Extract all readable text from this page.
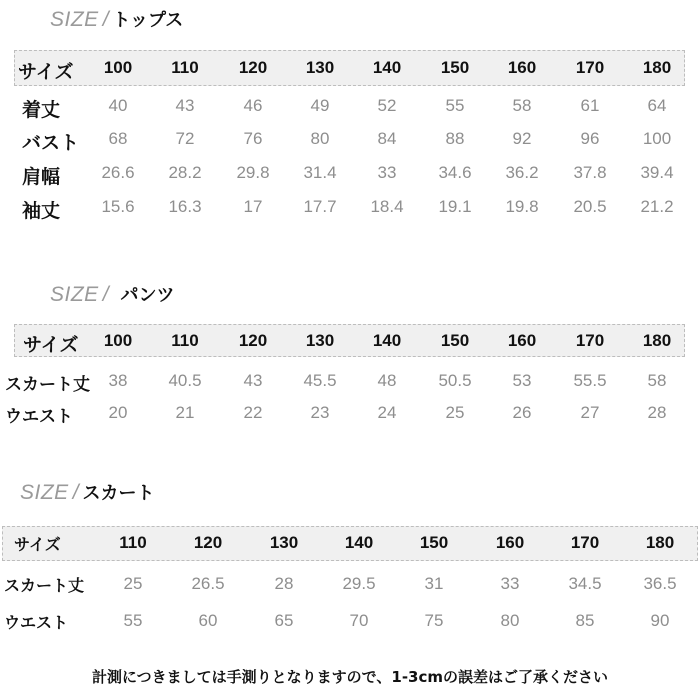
SIZE / トップス
サイズ 100 110 120 130 140 150 160 170 180
着丈	40	43	46	49	52	55	58	61	64
バスト 68	72	76	80	84	88	92	96	100
肩幅 26.6 28.2 29.8 31.4 33 34.6 36.2 37.8 39.4
袖丈 15.6 16.3 17 17.7 18.4 19.1 19.8 20.5 21.2
SIZE / パンツ
サイズ 100 110 120 130 140 150 160 170 180
スカート丈 38 40.5 43 45.5 48 50.5 53 55.5 58
ウエスト 20	21	22	23	24	25	26	27	28
SIZE / スカート
サイズ	110	120	130	140	150	160	170	180
スカート丈 25	26.5	28	29.5	31	33	34.5 36.5
ウエスト	55	60	65	70	75	80	85	90
計測につきましては手測りとなりますので、1-3cmの誤差はご了承ください
